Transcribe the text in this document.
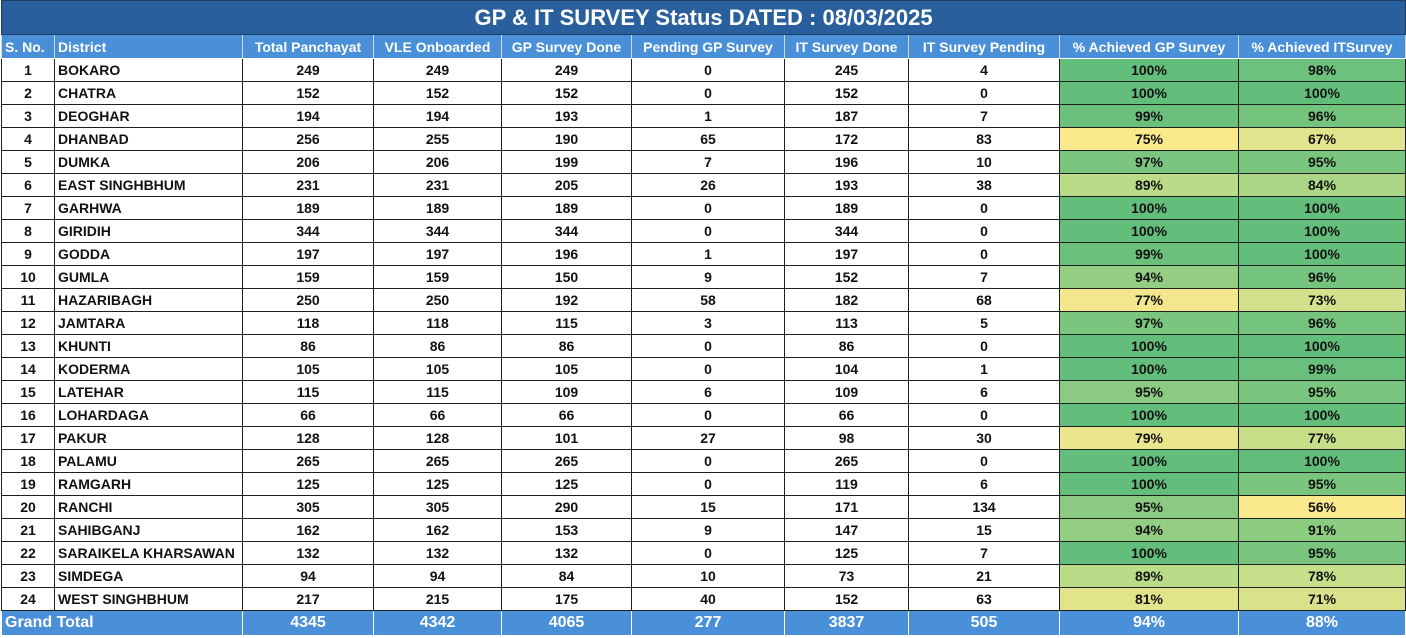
GP & IT SURVEY Status DATED : 08/03/2025									
S. No.	District	Total Panchayat	VLE Onboarded	GP Survey Done	Pending GP Survey	IT Survey Done	IT Survey Pending	% Achieved GP Survey	% Achieved ITSurvey
1	BOKARO	249	249	249	0	245	4	100%	98%
2	CHATRA	152	152	152	0	152	0	100%	100%
3	DEOGHAR	194	194	193	1	187	7	99%	96%
4	DHANBAD	256	255	190	65	172	83	75%	67%
5	DUMKA	206	206	199	7	196	10	97%	95%
6	EAST SINGHBHUM	231	231	205	26	193	38	89%	84%
7	GARHWA	189	189	189	0	189	0	100%	100%
8	GIRIDIH	344	344	344	0	344	0	100%	100%
9	GODDA	197	197	196	1	197	0	99%	100%
10	GUMLA	159	159	150	9	152	7	94%	96%
11	HAZARIBAGH	250	250	192	58	182	68	77%	73%
12	JAMTARA	118	118	115	3	113	5	97%	96%
13	KHUNTI	86	86	86	0	86	0	100%	100%
14	KODERMA	105	105	105	0	104	1	100%	99%
15	LATEHAR	115	115	109	6	109	6	95%	95%
16	LOHARDAGA	66	66	66	0	66	0	100%	100%
17	PAKUR	128	128	101	27	98	30	79%	77%
18	PALAMU	265	265	265	0	265	0	100%	100%
19	RAMGARH	125	125	125	0	119	6	100%	95%
20	RANCHI	305	305	290	15	171	134	95%	56%
21	SAHIBGANJ	162	162	153	9	147	15	94%	91%
22	SARAIKELA KHARSAWAN	132	132	132	0	125	7	100%	95%
23	SIMDEGA	94	94	84	10	73	21	89%	78%
24	WEST SINGHBHUM	217	215	175	40	152	63	81%	71%
Grand Total		4345	4342	4065	277	3837	505	94%	88%
